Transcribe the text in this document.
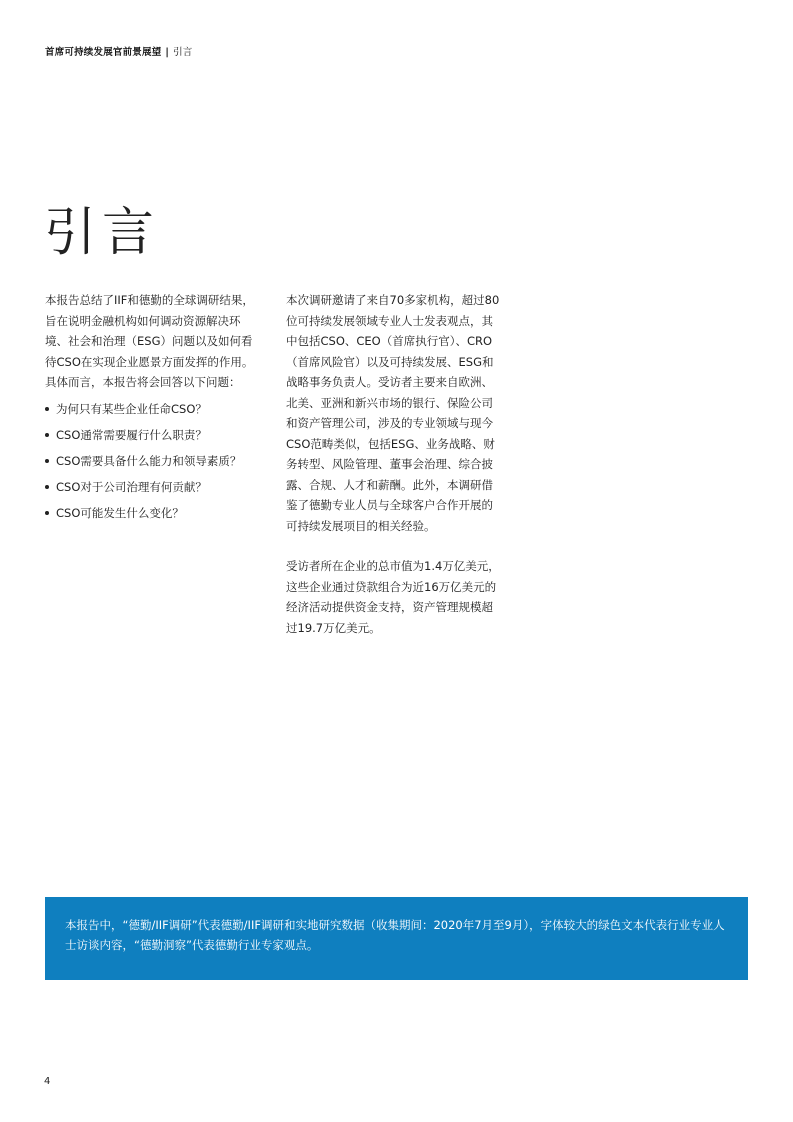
首席可持续发展官前景展望 | 引言
引言

本报告总结了IIF和德勤的全球调研结果，旨在说明金融机构如何调动资源解决环境、社会和治理（ESG）问题以及如何看待CSO在实现企业愿景方面发挥的作用。具体而言，本报告将会回答以下问题：

为何只有某些企业任命CSO？
CSO通常需要履行什么职责？
CSO需要具备什么能力和领导素质？
CSO对于公司治理有何贡献？
CSO可能发生什么变化？

本次调研邀请了来自70多家机构，超过80位可持续发展领域专业人士发表观点，其中包括CSO、CEO（首席执行官）、CRO（首席风险官）以及可持续发展、ESG和战略事务负责人。受访者主要来自欧洲、北美、亚洲和新兴市场的银行、保险公司和资产管理公司，涉及的专业领域与现今CSO范畴类似，包括ESG、业务战略、财务转型、风险管理、董事会治理、综合披露、合规、人才和薪酬。此外，本调研借鉴了德勤专业人员与全球客户合作开展的可持续发展项目的相关经验。

受访者所在企业的总市值为1.4万亿美元，这些企业通过贷款组合为近16万亿美元的经济活动提供资金支持，资产管理规模超过19.7万亿美元。

本报告中，“德勤/IIF调研”代表德勤/IIF调研和实地研究数据（收集期间：2020年7月至9月），字体较大的绿色文本代表行业专业人士访谈内容，“德勤洞察”代表德勤行业专家观点。
4
